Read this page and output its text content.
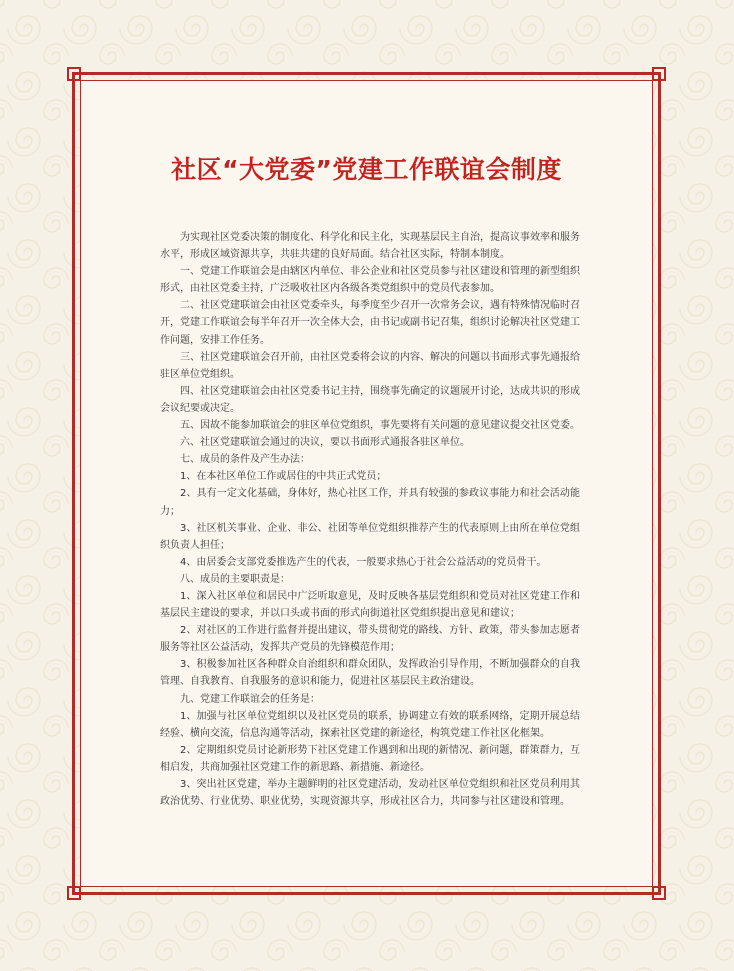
社区“大党委”党建工作联谊会制度

为实现社区党委决策的制度化、科学化和民主化，实现基层民主自治，提高议事效率和服务水平，形成区域资源共享，共驻共建的良好局面。结合社区实际，特制本制度。

一、党建工作联谊会是由辖区内单位、非公企业和社区党员参与社区建设和管理的新型组织形式，由社区党委主持，广泛吸收社区内各级各类党组织中的党员代表参加。

二、社区党建联谊会由社区党委牵头，每季度至少召开一次常务会议，遇有特殊情况临时召开，党建工作联谊会每半年召开一次全体大会，由书记或副书记召集，组织讨论解决社区党建工作问题，安排工作任务。

三、社区党建联谊会召开前，由社区党委将会议的内容、解决的问题以书面形式事先通报给驻区单位党组织。

四、社区党建联谊会由社区党委书记主持，围绕事先确定的议题展开讨论，达成共识的形成会议纪要或决定。

五、因故不能参加联谊会的驻区单位党组织，事先要将有关问题的意见建议提交社区党委。

六、社区党建联谊会通过的决议，要以书面形式通报各驻区单位。

七、成员的条件及产生办法：

1、在本社区单位工作或居住的中共正式党员；

2、具有一定文化基础，身体好，热心社区工作，并具有较强的参政议事能力和社会活动能力；

3、社区机关事业、企业、非公、社团等单位党组织推荐产生的代表原则上由所在单位党组织负责人担任；

4、由居委会支部党委推选产生的代表，一般要求热心于社会公益活动的党员骨干。

八、成员的主要职责是：

1、深入社区单位和居民中广泛听取意见，及时反映各基层党组织和党员对社区党建工作和基层民主建设的要求，并以口头或书面的形式向街道社区党组织提出意见和建议；

2、对社区的工作进行监督并提出建议，带头贯彻党的路线、方针、政策，带头参加志愿者服务等社区公益活动，发挥共产党员的先锋模范作用；

3、积极参加社区各种群众自治组织和群众团队，发挥政治引导作用，不断加强群众的自我管理、自我教育、自我服务的意识和能力，促进社区基层民主政治建设。

九、党建工作联谊会的任务是：

1、加强与社区单位党组织以及社区党员的联系，协调建立有效的联系网络，定期开展总结经验、横向交流，信息沟通等活动，探索社区党建的新途径，构筑党建工作社区化框架。

2、定期组织党员讨论新形势下社区党建工作遇到和出现的新情况、新问题，群策群力，互相启发，共商加强社区党建工作的新思路、新措施、新途径。

3、突出社区党建，举办主题鲜明的社区党建活动，发动社区单位党组织和社区党员利用其政治优势、行业优势、职业优势，实现资源共享，形成社区合力，共同参与社区建设和管理。
